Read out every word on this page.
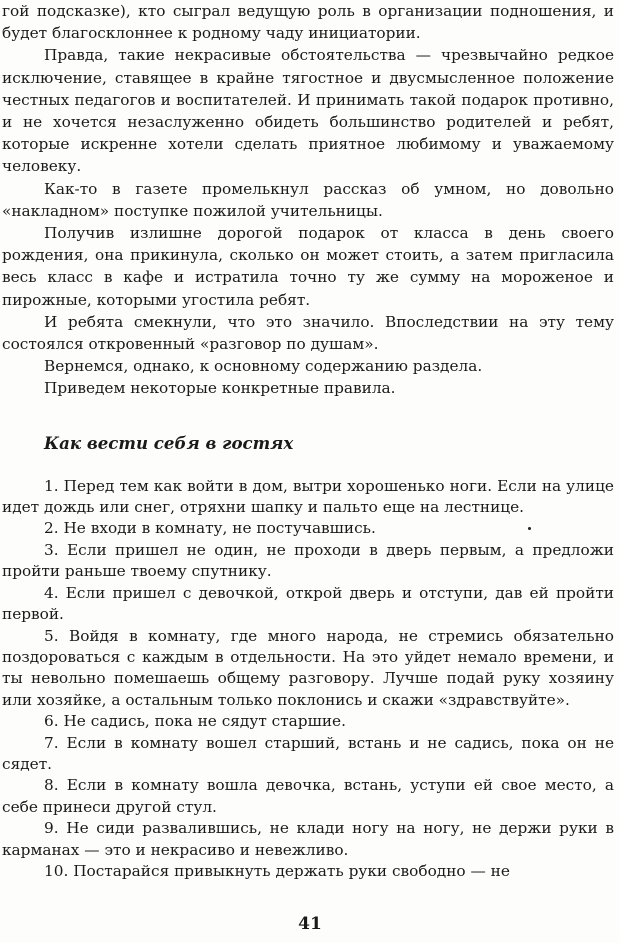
гой подсказке), кто сыграл ведущую роль в организации подношения, и будет благосклоннее к родному чаду инициатории.

Правда, такие некрасивые обстоятельства — чрезвычайно редкое исключение, ставящее в крайне тягостное и двусмысленное положение честных педагогов и воспитателей. И принимать такой подарок противно, и не хочется незаслуженно обидеть большинство родителей и ребят, которые искренне хотели сделать приятное любимому и уважаемому человеку.

Как-то в газете промелькнул рассказ об умном, но довольно «накладном» поступке пожилой учительницы.

Получив излишне дорогой подарок от класса в день своего рождения, она прикинула, сколько он может стоить, а затем пригласила весь класс в кафе и истратила точно ту же сумму на мороженое и пирожные, которыми угостила ребят.

И ребята смекнули, что это значило. Впоследствии на эту тему состоялся откровенный «разговор по душам».

Вернемся, однако, к основному содержанию раздела.

Приведем некоторые конкретные правила.

Как вести себя в гостях

1. Перед тем как войти в дом, вытри хорошенько ноги. Если на улице идет дождь или снег, отряхни шапку и пальто еще на лестнице.

2. Не входи в комнату, не постучавшись.

3. Если пришел не один, не проходи в дверь первым, а предложи пройти раньше твоему спутнику.

4. Если пришел с девочкой, открой дверь и отступи, дав ей пройти первой.

5. Войдя в комнату, где много народа, не стремись обязательно поздороваться с каждым в отдельности. На это уйдет немало времени, и ты невольно помешаешь общему разговору. Лучше подай руку хозяину или хозяйке, а остальным только поклонись и скажи «здравствуйте».

6. Не садись, пока не сядут старшие.

7. Если в комнату вошел старший, встань и не садись, пока он не сядет.

8. Если в комнату вошла девочка, встань, уступи ей свое место, а себе принеси другой стул.

9. Не сиди развалившись, не клади ногу на ногу, не держи руки в карманах — это и некрасиво и невежливо.

10. Постарайся привыкнуть держать руки свободно — не

41
